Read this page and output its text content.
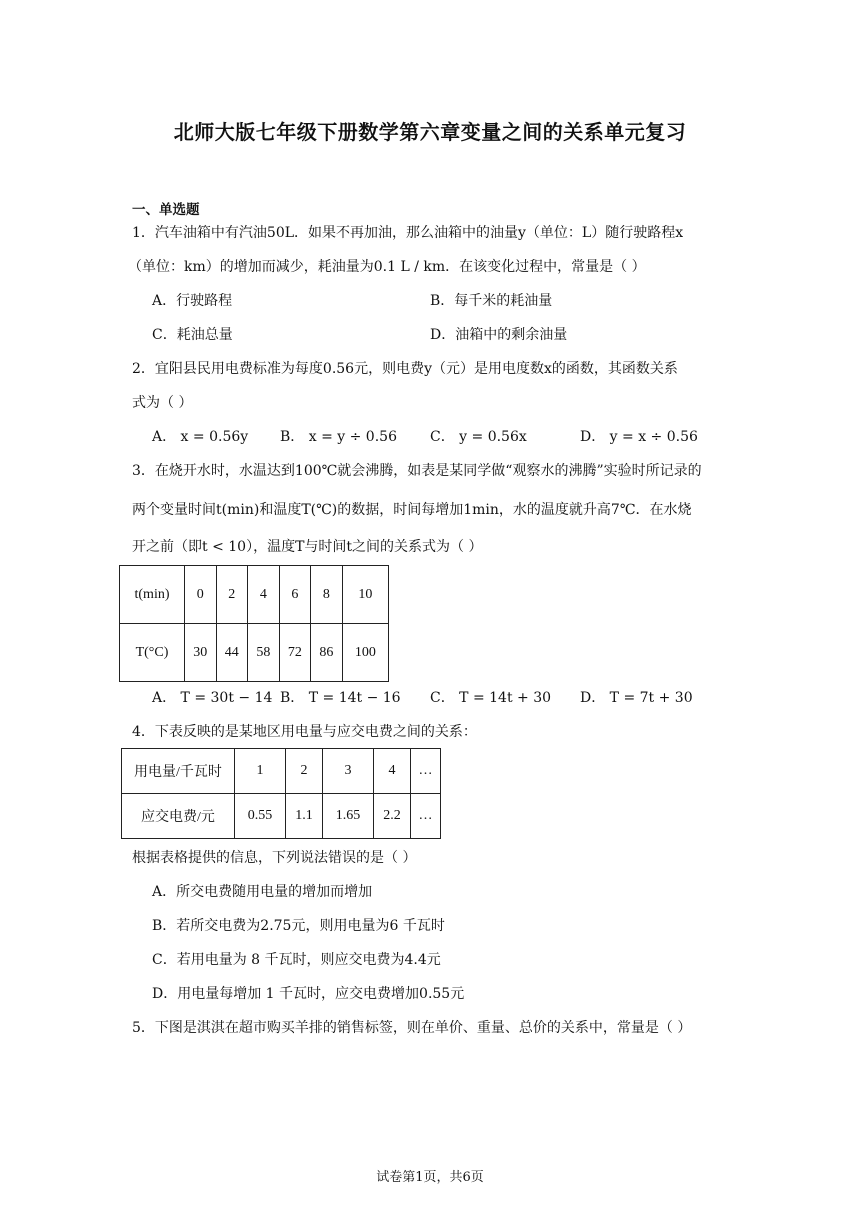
北师大版七年级下册数学第六章变量之间的关系单元复习
一、单选题
1．汽车油箱中有汽油50L．如果不再加油，那么油箱中的油量y（单位：L）随行驶路程x
（单位：km）的增加而减少，耗油量为0.1 L / km．在该变化过程中，常量是（ ）
A．行驶路程	B．每千米的耗油量
C．耗油总量	D．油箱中的剩余油量
2．宜阳县民用电费标准为每度0.56元，则电费y（元）是用电度数x的函数，其函数关系
式为（ ）
A． x = 0.56y B． x = y ÷ 0.56 C． y = 0.56x	D． y = x ÷ 0.56
3．在烧开水时，水温达到100℃就会沸腾，如表是某同学做“观察水的沸腾”实验时所记录的
两个变量时间t(min)和温度T(℃)的数据，时间每增加1min，水的温度就升高7℃．在水烧
开之前（即t < 10），温度T与时间t之间的关系式为（ ）
t(min)	0	2	4	6	8	10
T(°C)	30	44	58	72	86	100
A． T = 30t − 14 B． T = 14t − 16 C． T = 14t + 30 D． T = 7t + 30
4．下表反映的是某地区用电量与应交电费之间的关系：
用电量/千瓦时	1	2	3	4	…
应交电费/元	0.55	1.1	1.65	2.2	…
根据表格提供的信息，下列说法错误的是（ ）
A．所交电费随用电量的增加而增加
B．若所交电费为2.75元，则用电量为6 千瓦时
C．若用电量为 8 千瓦时，则应交电费为4.4元
D．用电量每增加 1 千瓦时，应交电费增加0.55元
5．下图是淇淇在超市购买羊排的销售标签，则在单价、重量、总价的关系中，常量是（ ）
试卷第1页，共6页
